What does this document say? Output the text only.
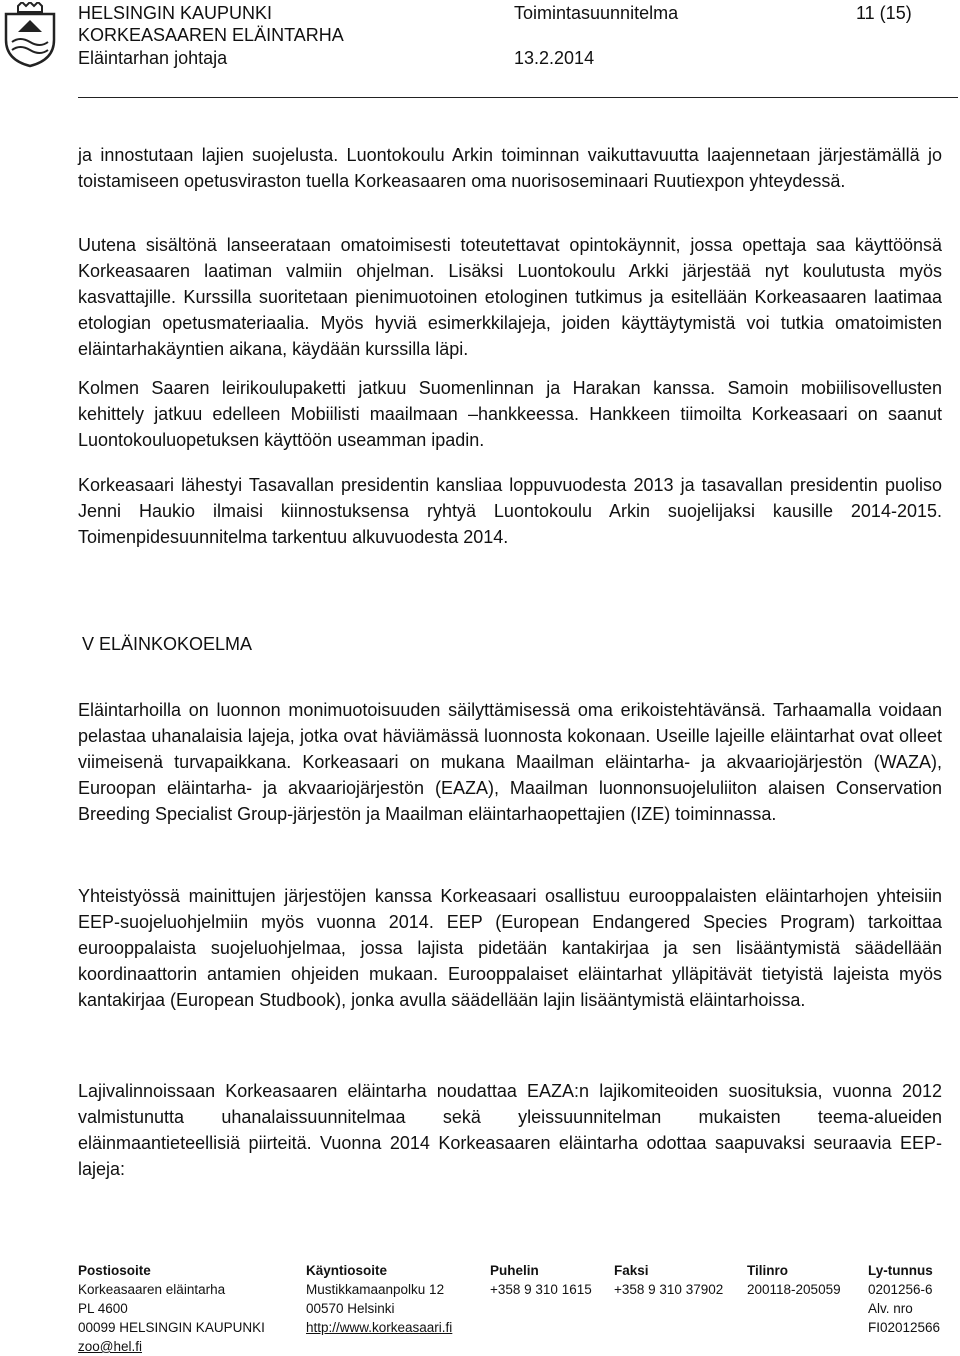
HELSINGIN KAUPUNKI
KORKEASAAREN ELÄINTARHA
Eläintarhan johtaja
Toimintasuunnitelma
13.2.2014
11 (15)

ja innostutaan lajien suojelusta. Luontokoulu Arkin toiminnan vaikuttavuutta laajennetaan järjestämällä jo toistamiseen opetusviraston tuella Korkeasaaren oma nuorisoseminaari Ruutiexpon yhteydessä.

Uutena sisältönä lanseerataan omatoimisesti toteutettavat opintokäynnit, jossa opettaja saa käyttöönsä Korkeasaaren laatiman valmiin ohjelman. Lisäksi Luontokoulu Arkki järjestää nyt koulutusta myös kasvattajille. Kurssilla suoritetaan pienimuotoinen etologinen tutkimus ja esitellään Korkeasaaren laatimaa etologian opetusmateriaalia. Myös hyviä esimerkkilajeja, joiden käyttäytymistä voi tutkia omatoimisten eläintarhakäyntien aikana, käydään kurssilla läpi.

Kolmen Saaren leirikoulupaketti jatkuu Suomenlinnan ja Harakan kanssa. Samoin mobiilisovellusten kehittely jatkuu edelleen Mobiilisti maailmaan –hankkeessa. Hankkeen tiimoilta Korkeasaari on saanut Luontokouluopetuksen käyttöön useamman ipadin.

Korkeasaari lähestyi Tasavallan presidentin kansliaa loppuvuodesta 2013 ja tasavallan presidentin puoliso Jenni Haukio ilmaisi kiinnostuksensa ryhtyä Luontokoulu Arkin suojelijaksi kausille 2014-2015. Toimenpidesuunnitelma tarkentuu alkuvuodesta 2014.

V ELÄINKOKOELMA

Eläintarhoilla on luonnon monimuotoisuuden säilyttämisessä oma erikoistehtävänsä. Tarhaamalla voidaan pelastaa uhanalaisia lajeja, jotka ovat häviämässä luonnosta kokonaan. Useille lajeille eläintarhat ovat olleet viimeisenä turvapaikkana. Korkeasaari on mukana Maailman eläintarha- ja akvaariojärjestön (WAZA), Euroopan eläintarha- ja akvaariojärjestön (EAZA), Maailman luonnonsuojeluliiton alaisen Conservation Breeding Specialist Group-järjestön ja Maailman eläintarhaopettajien (IZE) toiminnassa.

Yhteistyössä mainittujen järjestöjen kanssa Korkeasaari osallistuu eurooppalaisten eläintarhojen yhteisiin EEP-suojeluohjelmiin myös vuonna 2014. EEP (European Endangered Species Program) tarkoittaa eurooppalaista suojeluohjelmaa, jossa lajista pidetään kantakirjaa ja sen lisääntymistä säädellään koordinaattorin antamien ohjeiden mukaan. Eurooppalaiset eläintarhat ylläpitävät tietyistä lajeista myös kantakirjaa (European Studbook), jonka avulla säädellään lajin lisääntymistä eläintarhoissa.

Lajivalinnoissaan Korkeasaaren eläintarha noudattaa EAZA:n lajikomiteoiden suosituksia, vuonna 2012 valmistunutta uhanalaissuunnitelmaa sekä yleissuunnitelman mukaisten teema-alueiden eläinmaantieteellisiä piirteitä. Vuonna 2014 Korkeasaaren eläintarha odottaa saapuvaksi seuraavia EEP- lajeja:

Postiosoite
Korkeasaaren eläintarha
PL 4600
00099 HELSINGIN KAUPUNKI
zoo@hel.fi
Käyntiosoite
Mustikkamaanpolku 12
00570 Helsinki
http://www.korkeasaari.fi
Puhelin
+358 9 310 1615
Faksi
+358 9 310 37902
Tilinro
200118-205059
Ly-tunnus
0201256-6
Alv. nro
FI02012566
